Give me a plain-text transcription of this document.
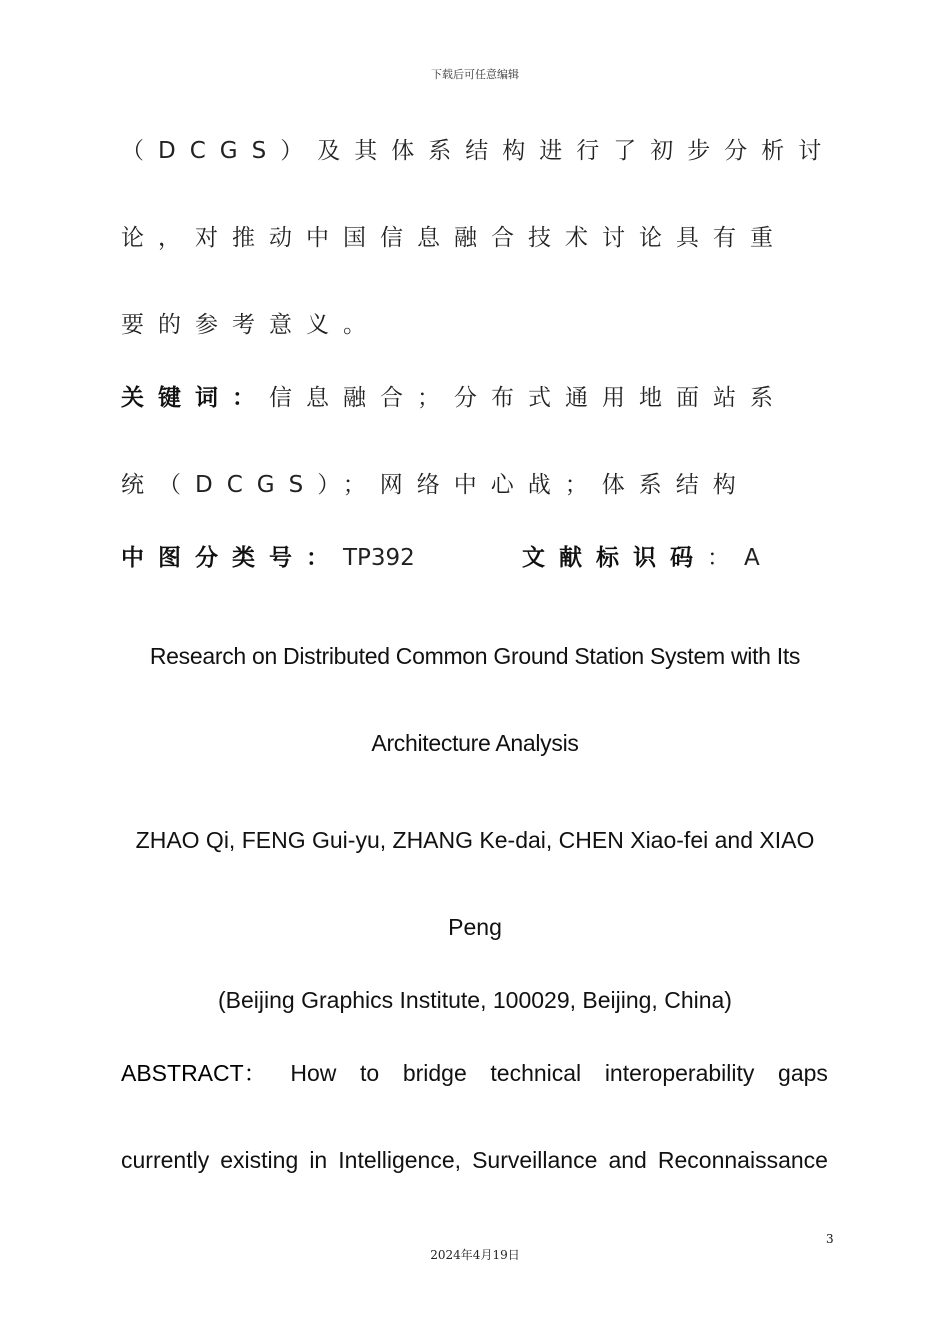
下载后可任意编辑
（DCGS）及其体系结构进行了初步分析讨
论，对推动中国信息融合技术讨论具有重
要的参考意义。
关键词：信息融合；分布式通用地面站系
统（DCGS）；网络中心战；体系结构
中图分类号：TP392	文献标识码：A
Research on Distributed Common Ground Station System with Its
Architecture Analysis
ZHAO Qi, FENG Gui-yu, ZHANG Ke-dai, CHEN Xiao-fei and XIAO
Peng
(Beijing Graphics Institute, 100029, Beijing, China)
ABSTRACT： How to bridge technical interoperability gaps
currently existing in Intelligence, Surveillance and Reconnaissance
3
2024年4月19日
